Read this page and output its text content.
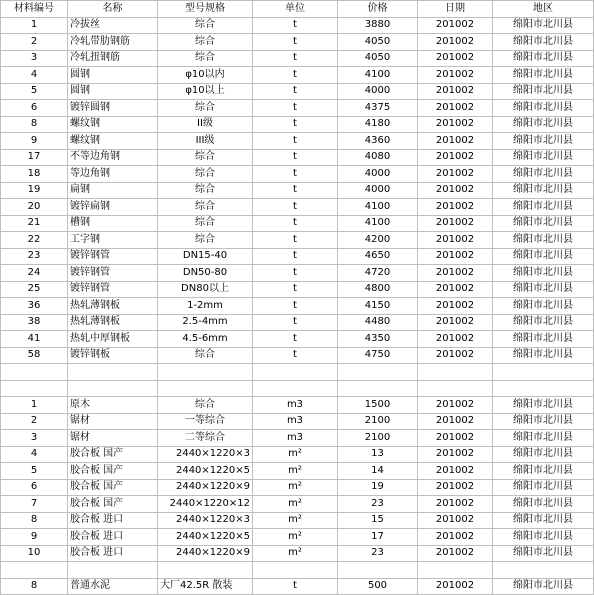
材料编号	名称	型号规格	单位	价格	日期	地区
1	冷拔丝	综合	t	3880	201002	绵阳市北川县
2	冷轧带肋钢筋	综合	t	4050	201002	绵阳市北川县
3	冷轧扭钢筋	综合	t	4050	201002	绵阳市北川县
4	圆钢	φ10以内	t	4100	201002	绵阳市北川县
5	圆钢	φ10以上	t	4000	201002	绵阳市北川县
6	镀锌圆钢	综合	t	4375	201002	绵阳市北川县
8	螺纹钢	II级	t	4180	201002	绵阳市北川县
9	螺纹钢	III级	t	4360	201002	绵阳市北川县
17	不等边角钢	综合	t	4080	201002	绵阳市北川县
18	等边角钢	综合	t	4000	201002	绵阳市北川县
19	扁钢	综合	t	4000	201002	绵阳市北川县
20	镀锌扁钢	综合	t	4100	201002	绵阳市北川县
21	槽钢	综合	t	4100	201002	绵阳市北川县
22	工字钢	综合	t	4200	201002	绵阳市北川县
23	镀锌钢管	DN15-40	t	4650	201002	绵阳市北川县
24	镀锌钢管	DN50-80	t	4720	201002	绵阳市北川县
25	镀锌钢管	DN80以上	t	4800	201002	绵阳市北川县
36	热轧薄钢板	1-2mm	t	4150	201002	绵阳市北川县
38	热轧薄钢板	2.5-4mm	t	4480	201002	绵阳市北川县
41	热轧中厚钢板	4.5-6mm	t	4350	201002	绵阳市北川县
58	镀锌钢板	综合	t	4750	201002	绵阳市北川县

1	原木	综合	m3	1500	201002	绵阳市北川县
2	锯材	一等综合	m3	2100	201002	绵阳市北川县
3	锯材	二等综合	m3	2100	201002	绵阳市北川县
4	胶合板 国产	2440×1220×3	m²	13	201002	绵阳市北川县
5	胶合板 国产	2440×1220×5	m²	14	201002	绵阳市北川县
6	胶合板 国产	2440×1220×9	m²	19	201002	绵阳市北川县
7	胶合板 国产	2440×1220×12	m²	23	201002	绵阳市北川县
8	胶合板 进口	2440×1220×3	m²	15	201002	绵阳市北川县
9	胶合板 进口	2440×1220×5	m²	17	201002	绵阳市北川县
10	胶合板 进口	2440×1220×9	m²	23	201002	绵阳市北川县

8	普通水泥	大厂42.5R 散装	t	500	201002	绵阳市北川县
